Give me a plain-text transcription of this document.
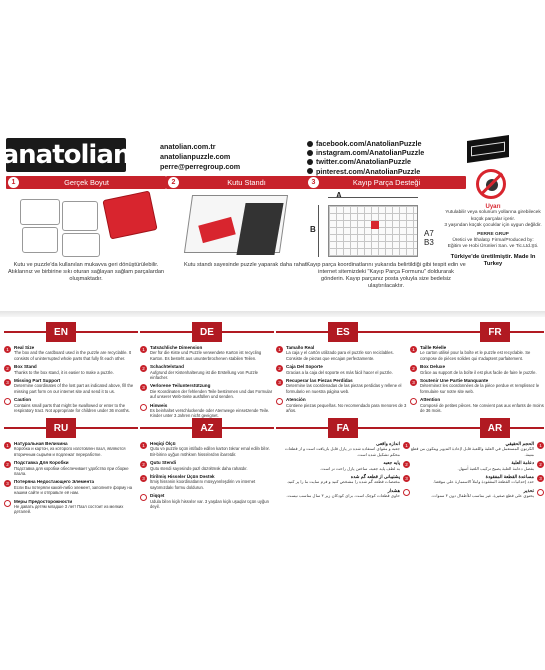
anatolian	anatolian.com.tr
anatolianpuzzle.com
perre@perregroup.com
facebook.com/AnatolianPuzzle
instagram.com/AnatolianPuzzle
twitter.com/AnatolianPuzzle
pinterest.com/AnatolianPuzzle
1	Gerçek Boyut
Kutu ve puzzle'da kullanılan mukavva geri dönüştürülebilir. Atıklarınız ve birbirine sıkı oturan sağlayan sağlam parçalardan oluşmaktadır.
2	Kutu Standı
Kutu standı sayesinde puzzle yaparak daha rahat.
3	Kayıp Parça Desteği
A
B	A7
B3
Kayıp parça koordinatlarını yukarıda belirtildiği gibi tespit edin ve internet sitemizdeki "Kayıp Parça Formunu" doldurarak gönderin. Kayıp parçanız posta yoluyla size bedelsiz ulaştırılacaktır.
Uyarı
Yutulabilir veya solunum yollarına girebilecek küçük parçalar içerir.
3 yaşından küçük çocuklar için uygun değildir.
PERRE GRUP
Üretici ve İthalatçı Firma/Produced by:
Eğitim ve Hobi Ürünleri San. ve Tic.Ltd.Şti.
Türkiye'de üretilmiştir. Made In Turkey
EN
1	Real Size
The box and the cardboard used in the puzzle are recyclable. It consists of uninterrupted whole parts that fully fit each other.
2	Box Stand
Thanks to the box stand, it is easier to make a puzzle.
3	Missing Part Support
Determine coordinates of the lost part as indicated above, fill the missing part form on our internet site and send it to us.
Caution
Contains small parts that might be swallowed or enter to the respiratory tract. Not appropriate for children under 36 months.
DE
1	Tatsächliche Dimension
Der für die Kiste und Puzzle verwendete Karton ist recycling Karton. Es besteht aus ununterbrochenen stabilen Teilen.
2	Schachtelstand
Aufgrund der Kistenhalterung ist die Erstellung von Puzzle einfacher.
3	Verlorene Teilunterstützung
Die Koordinaten der fehlenden Teile bestimmen und das Formular auf unserer Web-Seite ausfüllen und senden.
Hinweis
Es beinhaltet verschluckende oder Atemwege einsetzende Teile. Kinder unter 3 Jahren nicht geeignet.
ES
1	Tamaño Real
La caja y el cartón utilizado para el puzzle son reciclables. Consiste de piezas que encajan perfectamente.
2	Caja Del Soporte
Gracias a la caja del soporte es más fácil hacer el puzzle.
3	Recuperar las Piezas Perdidas
Determine las coordenadas de las piezas perdidas y rellene el formulario en nuestra página web.
Atención
Contiene piezas pequeñas. No recomendado para menores de 3 años.
FR
1	Taille Réelle
Le carton utilisé pour la boîte et le puzzle est recyclable. Se compose de pièces solides qui s'adaptent parfaitement.
2	Box Deluxe
Grâce au support de la boîte il est plus facile de faire le puzzle.
3	Soutenir Une Partie Manquante
Déterminez les coordonnées de la pièce perdue et remplissez le formulaire sur notre site web.
Attention
Composé de petites pièces. Ne convient pas aux enfants de moins de 36 mois.
RU
1	Натуральная Величина
Коробка и картон, из которого изготовлен пазл, являются вторичным сырьём и подлежат переработке.
2	Подставка Для Коробки
Подставка для коробки обеспечивает удобство при сборке пазла.
3	Потеряна Недостающего Элемента
Если Вы потеряли какой-либо элемент, заполните форму на нашем сайте и отправьте её нам.
Меры Предосторожности
Не давать детям младше 3 лет! Пазл состоит из мелких деталей.
AZ
1	Həqiqi Ölçü
Qutu və puzzle üçün istifadə edilən karton təkrar emal edilə bilər. Bir-birinə uyğun möhkəm hissələrdən ibarətdir.
2	Qutu Stendi
Qutu stendi sayəsində pazl düzəltmək daha rahatdır.
3	İtirilmiş Hissələr Üçün Dəstək
İtmiş hissənin koordinatlarını müəyyənləşdirin və internet saytımızdakı formu doldurun.
Diqqət
Udula bilən kiçik hissələr var. 3 yaşdan kiçik uşaqlar üçün uyğun deyil.
FA
1
اندازه واقعی
جعبه و مقوای استفاده شده در پازل قابل بازیافت است و از قطعات محکم تشکیل شده است.
2
پایه جعبه
به لطف پایه جعبه، ساختن پازل راحت تر است.
3
پشتیبانی از قطعه گم شده
مختصات قطعه گم شده را مشخص کنید و فرم سایت ما را پر کنید.
هشدار
حاوی قطعات کوچک است. برای کودکان زیر ۳ سال مناسب نیست.
AR
1
الحجم الحقيقي
الكرتون المستعمل في العلبة واللعبة قابل لإعادة التدوير ويتكون من قطع متينة.
2
دعامة العلبة
بفضل دعامة العلبة يصبح تركيب اللعبة أسهل.
3
مساعدة القطعة المفقودة
حدد إحداثيات القطعة المفقودة واملأ الاستمارة على موقعنا.
تحذير
يحتوي على قطع صغيرة. غير مناسب للأطفال دون ٣ سنوات.
